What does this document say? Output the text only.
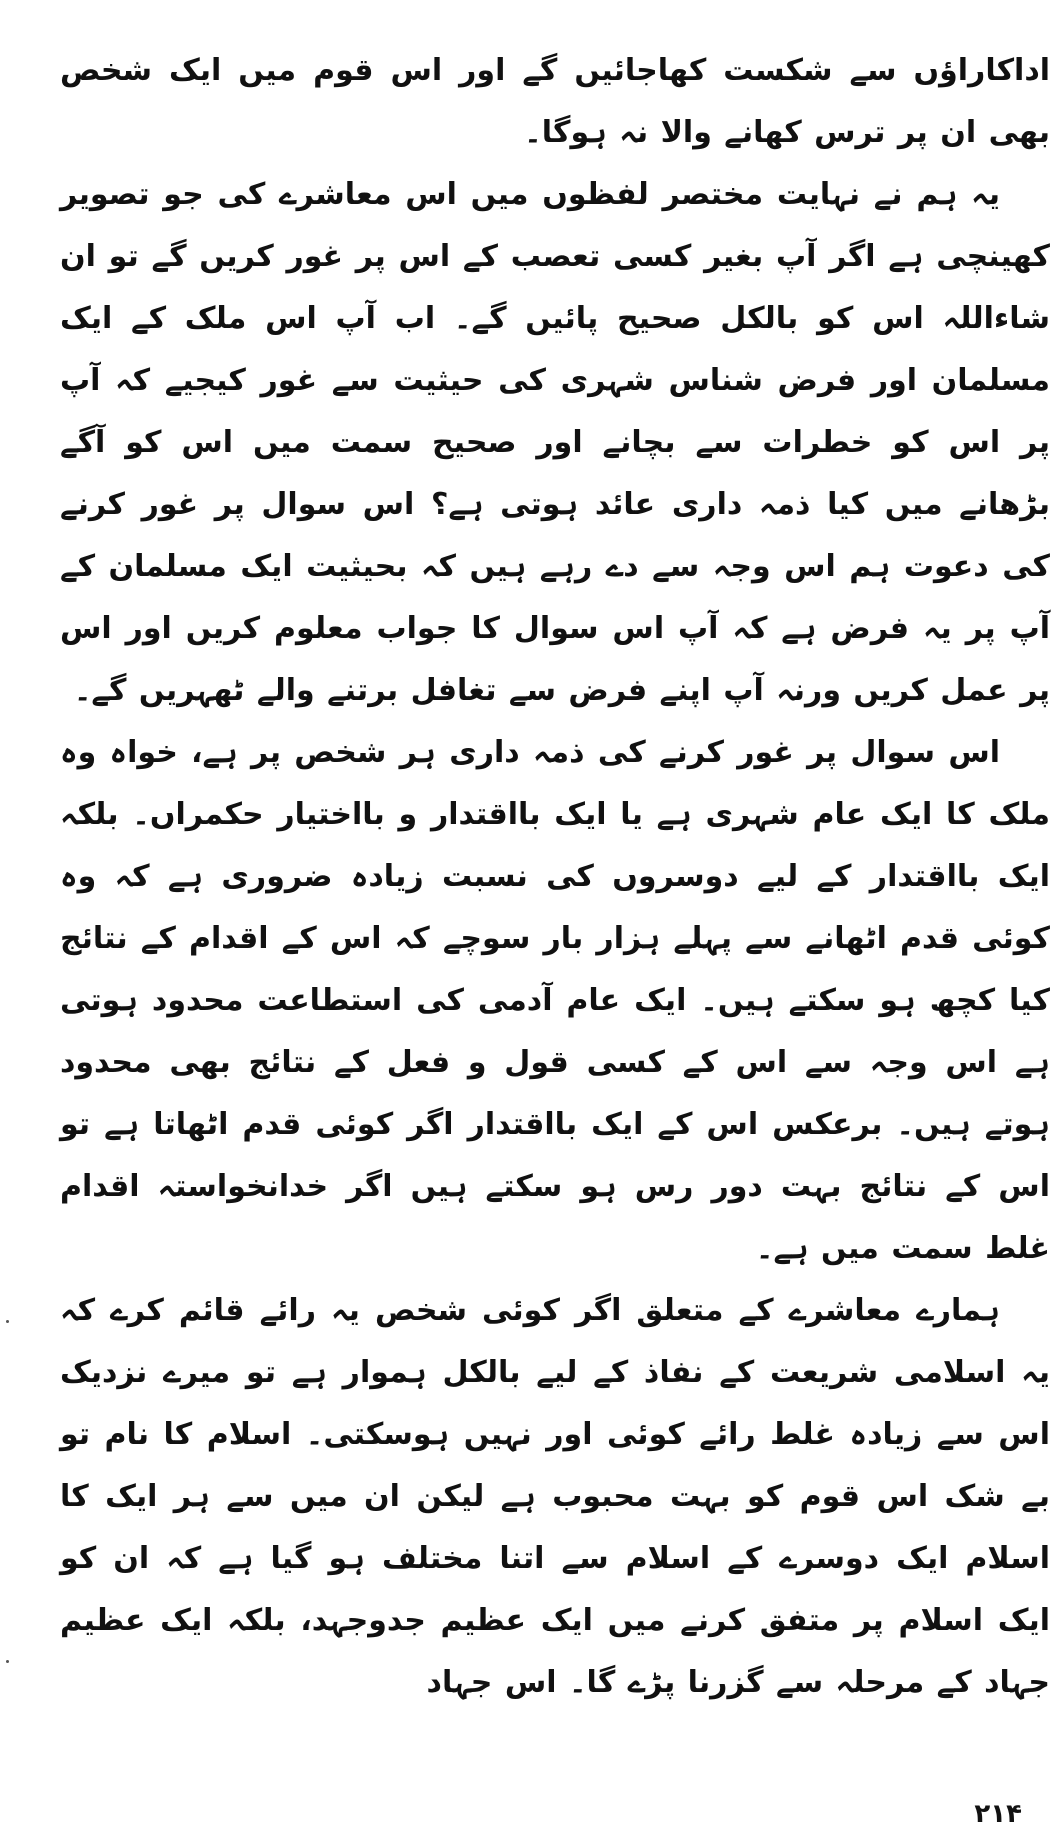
اداکاراؤں سے شکست کھاجائیں گے اور اس قوم میں ایک شخص بھی ان پر ترس کھانے والا نہ ہوگا۔

یہ ہم نے نہایت مختصر لفظوں میں اس معاشرے کی جو تصویر کھینچی ہے اگر آپ بغیر کسی تعصب کے اس پر غور کریں گے تو ان شاءاللہ اس کو بالکل صحیح پائیں گے۔ اب آپ اس ملک کے ایک مسلمان اور فرض شناس شہری کی حیثیت سے غور کیجیے کہ آپ پر اس کو خطرات سے بچانے اور صحیح سمت میں اس کو آگے بڑھانے میں کیا ذمہ داری عائد ہوتی ہے؟ اس سوال پر غور کرنے کی دعوت ہم اس وجہ سے دے رہے ہیں کہ بحیثیت ایک مسلمان کے آپ پر یہ فرض ہے کہ آپ اس سوال کا جواب معلوم کریں اور اس پر عمل کریں ورنہ آپ اپنے فرض سے تغافل برتنے والے ٹھہریں گے۔

اس سوال پر غور کرنے کی ذمہ داری ہر شخص پر ہے، خواہ وہ ملک کا ایک عام شہری ہے یا ایک بااقتدار و بااختیار حکمراں۔ بلکہ ایک بااقتدار کے لیے دوسروں کی نسبت زیادہ ضروری ہے کہ وہ کوئی قدم اٹھانے سے پہلے ہزار بار سوچے کہ اس کے اقدام کے نتائج کیا کچھ ہو سکتے ہیں۔ ایک عام آدمی کی استطاعت محدود ہوتی ہے اس وجہ سے اس کے کسی قول و فعل کے نتائج بھی محدود ہوتے ہیں۔ برعکس اس کے ایک بااقتدار اگر کوئی قدم اٹھاتا ہے تو اس کے نتائج بہت دور رس ہو سکتے ہیں اگر خدانخواستہ اقدام غلط سمت میں ہے۔

ہمارے معاشرے کے متعلق اگر کوئی شخص یہ رائے قائم کرے کہ یہ اسلامی شریعت کے نفاذ کے لیے بالکل ہموار ہے تو میرے نزدیک اس سے زیادہ غلط رائے کوئی اور نہیں ہوسکتی۔ اسلام کا نام تو بے شک اس قوم کو بہت محبوب ہے لیکن ان میں سے ہر ایک کا اسلام ایک دوسرے کے اسلام سے اتنا مختلف ہو گیا ہے کہ ان کو ایک اسلام پر متفق کرنے میں ایک عظیم جدوجہد، بلکہ ایک عظیم جہاد کے مرحلہ سے گزرنا پڑے گا۔ اس جہاد

۲۱۴
